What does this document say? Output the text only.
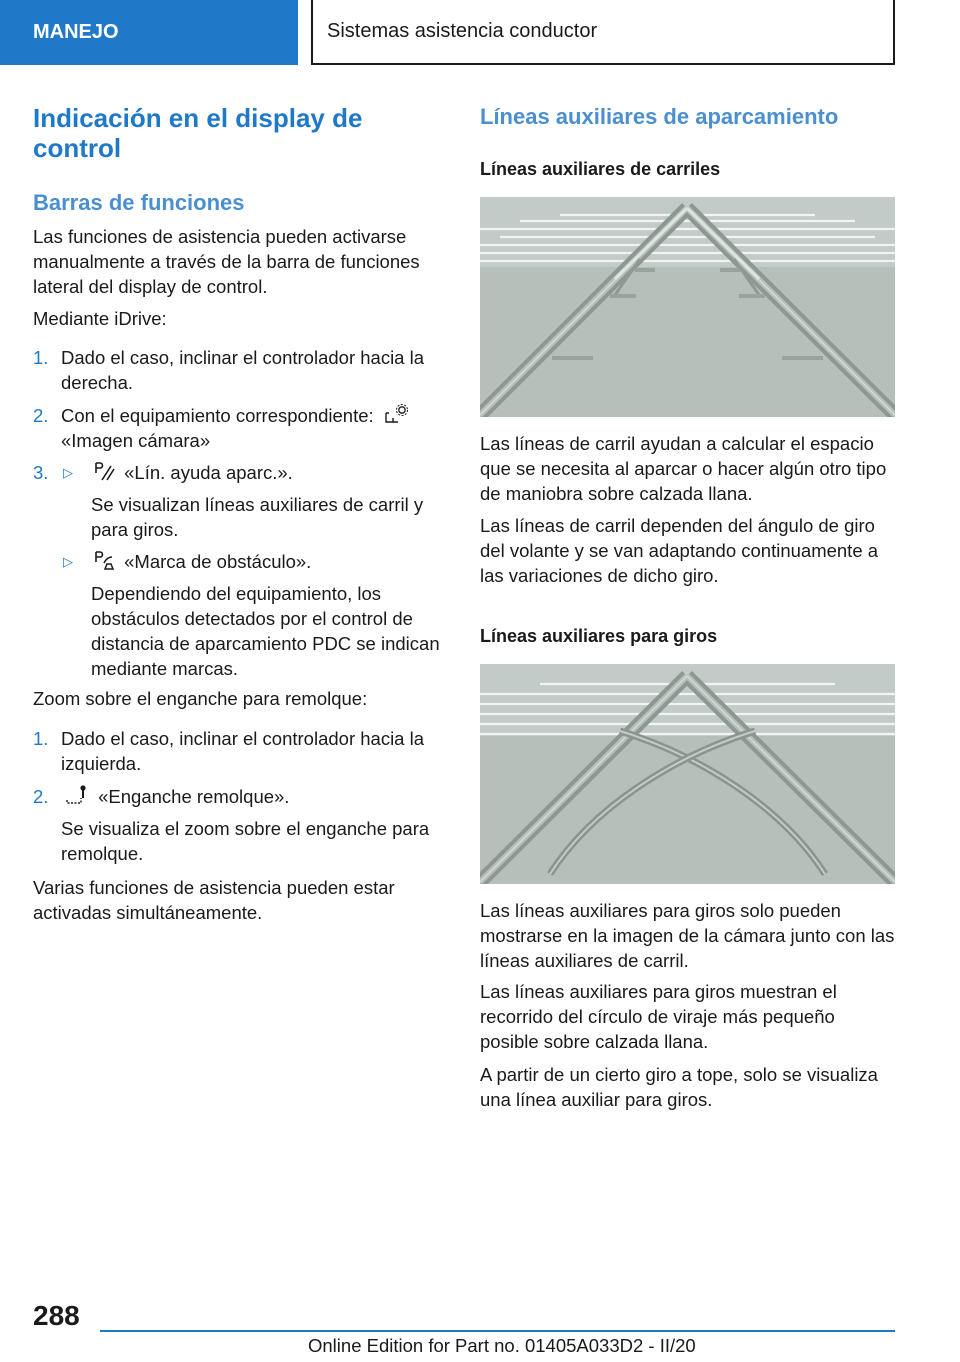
MANEJO	Sistemas asistencia conductor
Indicación en el display de control
Barras de funciones

Las funciones de asistencia pueden activarse manualmente a través de la barra de funciones lateral del display de control.

Mediante iDrive:

1. Dado el caso, inclinar el controlador hacia la derecha.

2. Con el equipamiento correspondiente:

«Imagen cámara»

3. ▷	«Lín. ayuda aparc.».

Se visualizan líneas auxiliares de carril y para giros.

▷	«Marca de obstáculo».

Dependiendo del equipamiento, los obstáculos detectados por el control de distancia de aparcamiento PDC se indican mediante marcas.

Zoom sobre el enganche para remolque:

1. Dado el caso, inclinar el controlador hacia la izquierda.

2.	«Enganche remolque».

Se visualiza el zoom sobre el enganche para remolque.

Varias funciones de asistencia pueden estar activadas simultáneamente.

Líneas auxiliares de aparcamiento
Líneas auxiliares de carriles

Las líneas de carril ayudan a calcular el espacio que se necesita al aparcar o hacer algún otro tipo de maniobra sobre calzada llana.

Las líneas de carril dependen del ángulo de giro del volante y se van adaptando continuamente a las variaciones de dicho giro.

Líneas auxiliares para giros

Las líneas auxiliares para giros solo pueden mostrarse en la imagen de la cámara junto con las líneas auxiliares de carril.

Las líneas auxiliares para giros muestran el recorrido del círculo de viraje más pequeño posible sobre calzada llana.

A partir de un cierto giro a tope, solo se visualiza una línea auxiliar para giros.

288
Online Edition for Part no. 01405A033D2 - II/20
